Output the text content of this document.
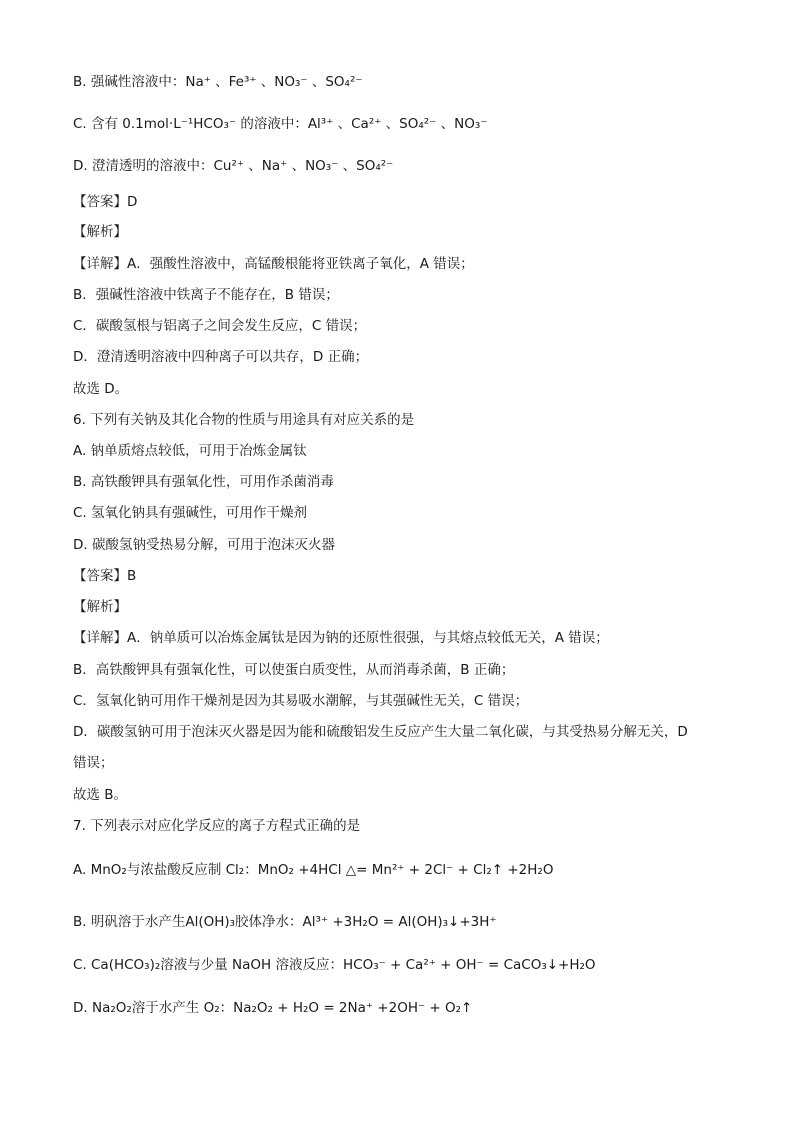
B. 强碱性溶液中：Na⁺ 、Fe³⁺ 、NO₃⁻ 、SO₄²⁻
C. 含有 0.1mol·L⁻¹HCO₃⁻ 的溶液中：Al³⁺ 、Ca²⁺ 、SO₄²⁻ 、NO₃⁻
D. 澄清透明的溶液中：Cu²⁺ 、Na⁺ 、NO₃⁻ 、SO₄²⁻
【答案】D
【解析】
【详解】A．强酸性溶液中，高锰酸根能将亚铁离子氧化，A 错误；
B．强碱性溶液中铁离子不能存在，B 错误；
C．碳酸氢根与铝离子之间会发生反应，C 错误；
D．澄清透明溶液中四种离子可以共存，D 正确；
故选 D。
6. 下列有关钠及其化合物的性质与用途具有对应关系的是
A. 钠单质熔点较低，可用于冶炼金属钛
B. 高铁酸钾具有强氧化性，可用作杀菌消毒
C. 氢氧化钠具有强碱性，可用作干燥剂
D. 碳酸氢钠受热易分解，可用于泡沫灭火器
【答案】B
【解析】
【详解】A．钠单质可以冶炼金属钛是因为钠的还原性很强，与其熔点较低无关，A 错误；
B．高铁酸钾具有强氧化性，可以使蛋白质变性，从而消毒杀菌，B 正确；
C．氢氧化钠可用作干燥剂是因为其易吸水潮解，与其强碱性无关，C 错误；
D．碳酸氢钠可用于泡沫灭火器是因为能和硫酸铝发生反应产生大量二氧化碳，与其受热易分解无关，D
错误；
故选 B。
7. 下列表示对应化学反应的离子方程式正确的是
A. MnO₂与浓盐酸反应制 Cl₂：MnO₂ +4HCl △= Mn²⁺ + 2Cl⁻ + Cl₂↑ +2H₂O
B. 明矾溶于水产生Al(OH)₃胶体净水：Al³⁺ +3H₂O = Al(OH)₃↓+3H⁺
C. Ca(HCO₃)₂溶液与少量 NaOH 溶液反应：HCO₃⁻ + Ca²⁺ + OH⁻ = CaCO₃↓+H₂O
D. Na₂O₂溶于水产生 O₂：Na₂O₂ + H₂O = 2Na⁺ +2OH⁻ + O₂↑
